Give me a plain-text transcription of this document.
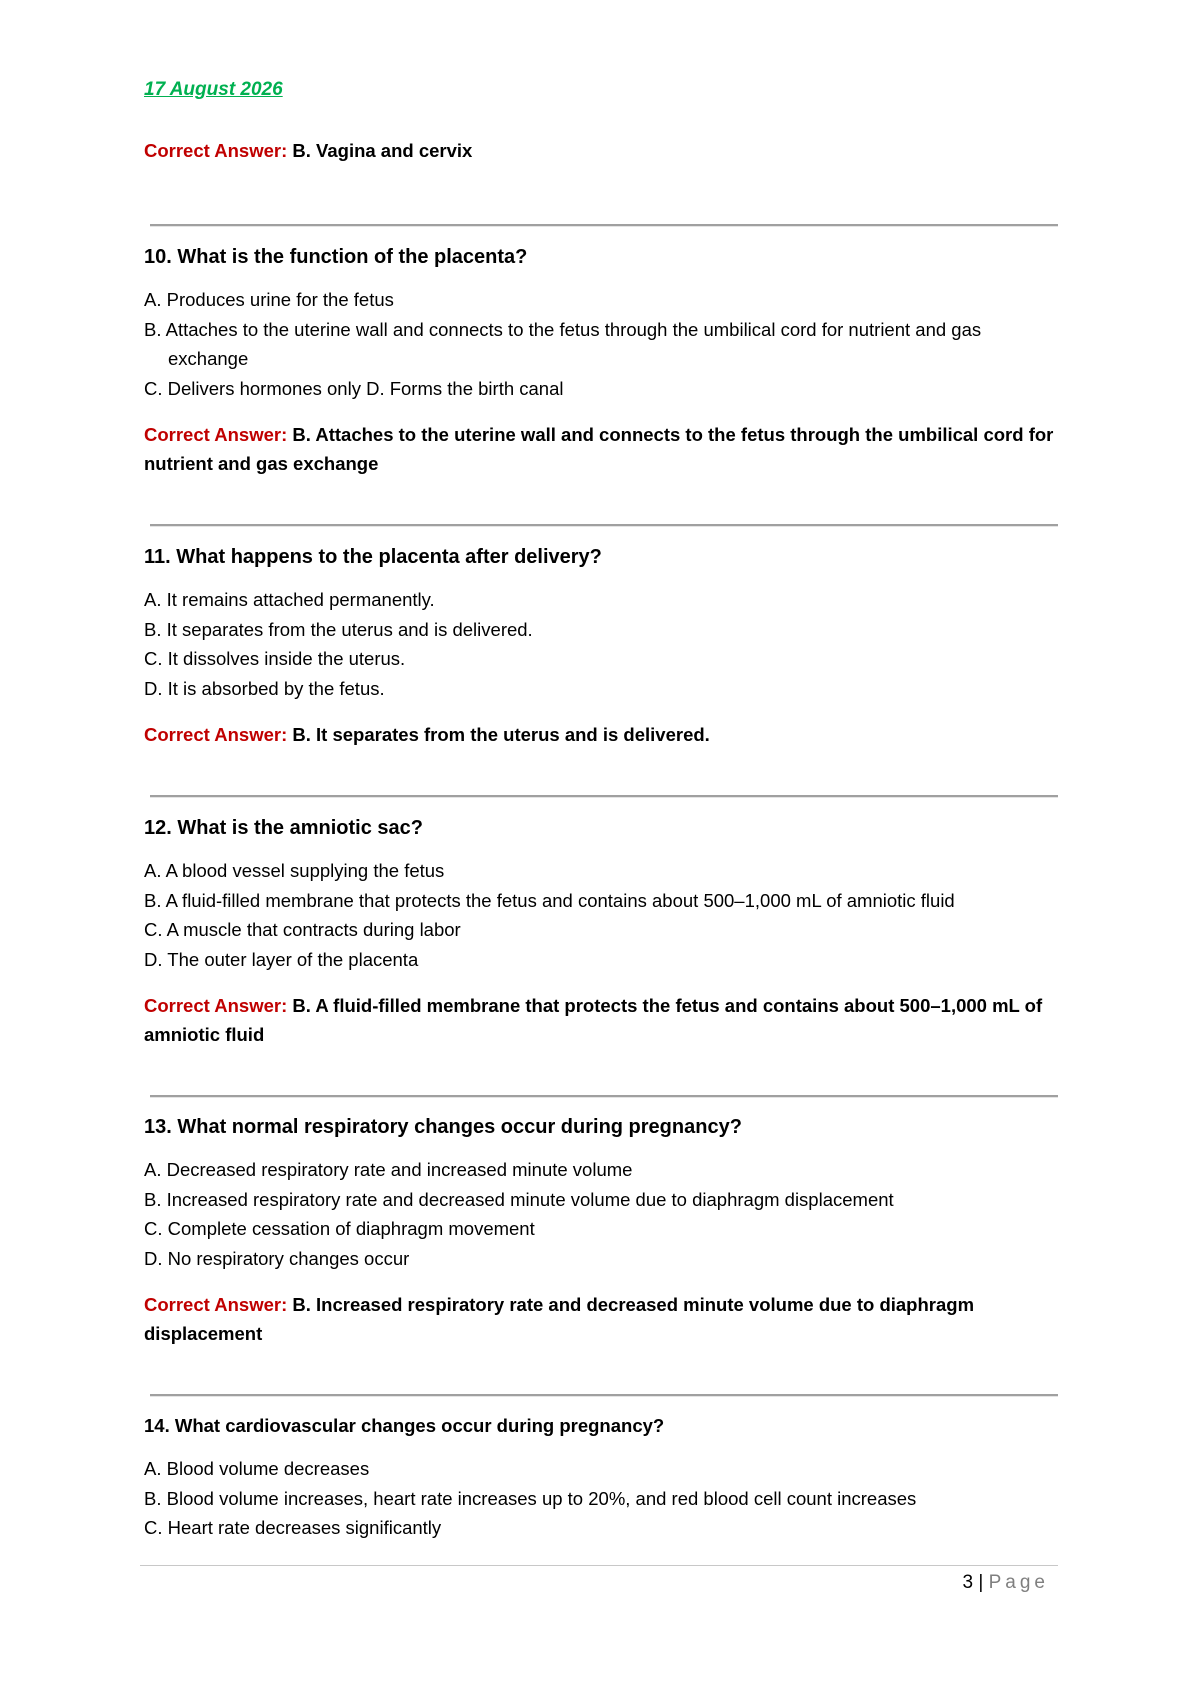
17 August 2026
Correct Answer: B. Vagina and cervix
10. What is the function of the placenta?
A. Produces urine for the fetus
B. Attaches to the uterine wall and connects to the fetus through the umbilical cord for nutrient and gas exchange
C. Delivers hormones only D. Forms the birth canal
Correct Answer: B. Attaches to the uterine wall and connects to the fetus through the umbilical cord for nutrient and gas exchange
11. What happens to the placenta after delivery?
A. It remains attached permanently.
B. It separates from the uterus and is delivered.
C. It dissolves inside the uterus.
D. It is absorbed by the fetus.
Correct Answer: B. It separates from the uterus and is delivered.
12. What is the amniotic sac?
A. A blood vessel supplying the fetus
B. A fluid-filled membrane that protects the fetus and contains about 500–1,000 mL of amniotic fluid
C. A muscle that contracts during labor
D. The outer layer of the placenta
Correct Answer: B. A fluid-filled membrane that protects the fetus and contains about 500–1,000 mL of amniotic fluid
13. What normal respiratory changes occur during pregnancy?
A. Decreased respiratory rate and increased minute volume
B. Increased respiratory rate and decreased minute volume due to diaphragm displacement
C. Complete cessation of diaphragm movement
D. No respiratory changes occur
Correct Answer: B. Increased respiratory rate and decreased minute volume due to diaphragm displacement
14. What cardiovascular changes occur during pregnancy?
A. Blood volume decreases
B. Blood volume increases, heart rate increases up to 20%, and red blood cell count increases
C. Heart rate decreases significantly
3 | Page
